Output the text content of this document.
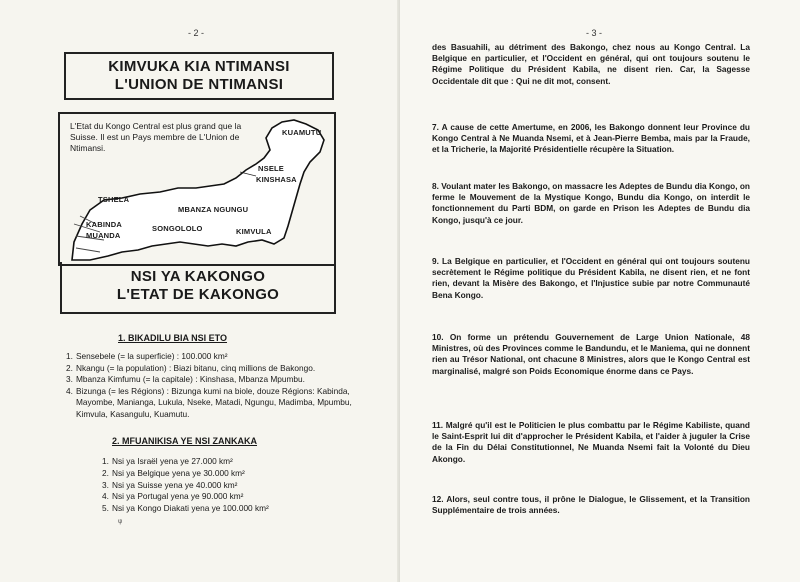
- 2 -
KIMVUKA KIA NTIMANSI
L'UNION DE NTIMANSI
L'Etat du Kongo Central est plus grand que la Suisse. Il est un Pays membre de L'Union de Ntimansi.
KUAMUTU
NSELE
KINSHASA
TSHELA
MBANZA NGUNGU
KABINDA
MUANDA
SONGOLOLO	KIMVULA
NSI YA KAKONGO
L'ETAT DE KAKONGO
1. BIKADILU BIA NSI ETO
1. Sensebele (= la superficie) : 100.000 km²
2. Nkangu (= la population) : Biazi bitanu, cinq millions de Bakongo.
3. Mbanza Kimfumu (= la capitale) : Kinshasa, Mbanza Mpumbu.
4. Bizunga (= les Régions) : Bizunga kumi na biole, douze Régions: Kabinda, Mayombe, Manianga, Lukula, Nseke, Matadi, Ngungu, Madimba, Mpumbu, Kimvula, Kasangulu, Kuamutu.
2. MFUANIKISA YE NSI ZANKAKA
1. Nsi ya Israël yena ye 27.000 km²
2. Nsi ya Belgique yena ye 30.000 km²
3. Nsi ya Suisse yena ye 40.000 km²
4. Nsi ya Portugal yena ye 90.000 km²
5. Nsi ya Kongo Diakati yena ye 100.000 km²
ψ
- 3 -
des Basuahili, au détriment des Bakongo, chez nous au Kongo Central. La Belgique en particulier, et l'Occident en général, qui ont toujours soutenu le Régime Politique du Président Kabila, ne disent rien. Car, la Sagesse Occidentale dit que : Qui ne dit mot, consent.
7. A cause de cette Amertume, en 2006, les Bakongo donnent leur Province du Kongo Central à Ne Muanda Nsemi, et à Jean-Pierre Bemba, mais par la Fraude, et la Tricherie, la Majorité Présidentielle récupère la Situation.
8. Voulant mater les Bakongo, on massacre les Adeptes de Bundu dia Kongo, on ferme le Mouvement de la Mystique Kongo, Bundu dia Kongo, on interdit le fonctionnement du Parti BDM, on garde en Prison les Adeptes de Bundu dia Kongo, jusqu'à ce jour.
9. La Belgique en particulier, et l'Occident en général qui ont toujours soutenu secrètement le Régime politique du Président Kabila, ne disent rien, et ne font rien, devant la Misère des Bakongo, et l'Injustice subie par notre Communauté Bena Kongo.
10. On forme un prétendu Gouvernement de Large Union Nationale, 48 Ministres, où des Provinces comme le Bandundu, et le Maniema, qui ne donnent rien au Trésor National, ont chacune 8 Ministres, alors que le Kongo Central est marginalisé, malgré son Poids Economique énorme dans ce Pays.
11. Malgré qu'il est le Politicien le plus combattu par le Régime Kabiliste, quand le Saint-Esprit lui dit d'approcher le Président Kabila, et l'aider à juguler la Crise de la Fin du Délai Constitutionnel, Ne Muanda Nsemi fait la Volonté du Dieu Akongo.
12. Alors, seul contre tous, il prône le Dialogue, le Glissement, et la Transition Supplémentaire de trois années.
